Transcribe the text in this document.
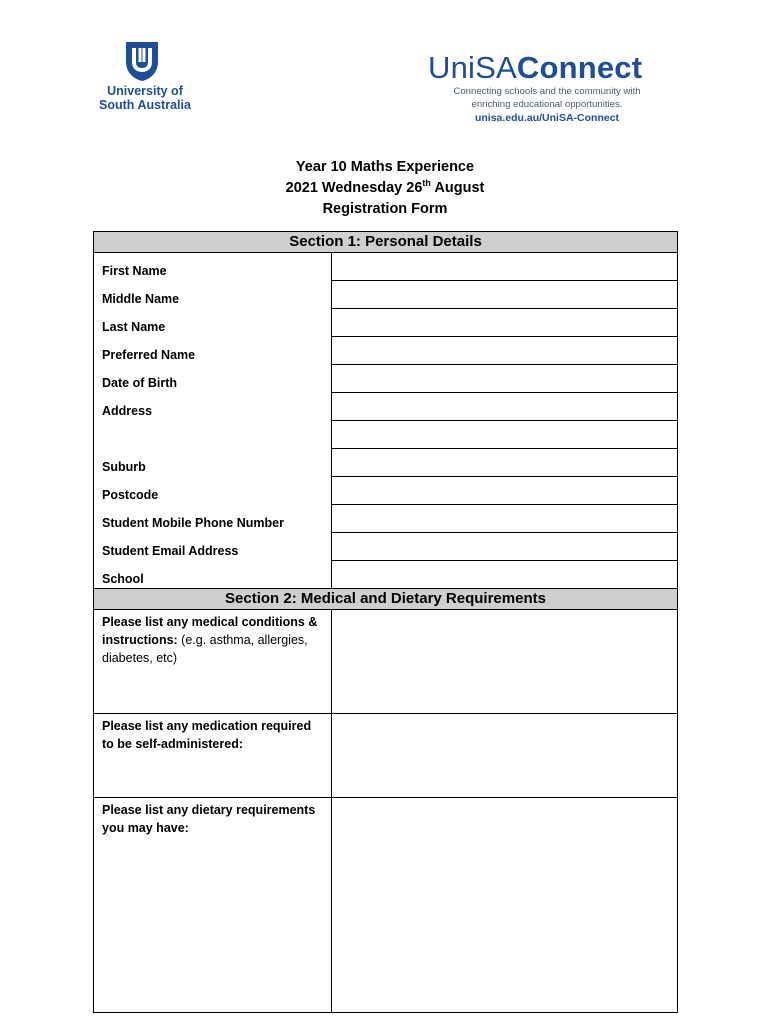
University of
South Australia
UniSAConnect
Connecting schools and the community with
enriching educational opportunities.
unisa.edu.au/UniSA-Connect
Year 10 Maths Experience
2021 Wednesday 26th August
Registration Form
Section 1: Personal Details	

First Name	

Middle Name	

Last Name	

Preferred Name	

Date of Birth	

Address	

Suburb	

Postcode	

Student Mobile Phone Number	

Student Email Address	

School	

Section 2: Medical and Dietary Requirements	

Please list any medical conditions & instructions: (e.g. asthma, allergies, diabetes, etc)	

Please list any medication required to be self-administered:	

Please list any dietary requirements you may have:	
